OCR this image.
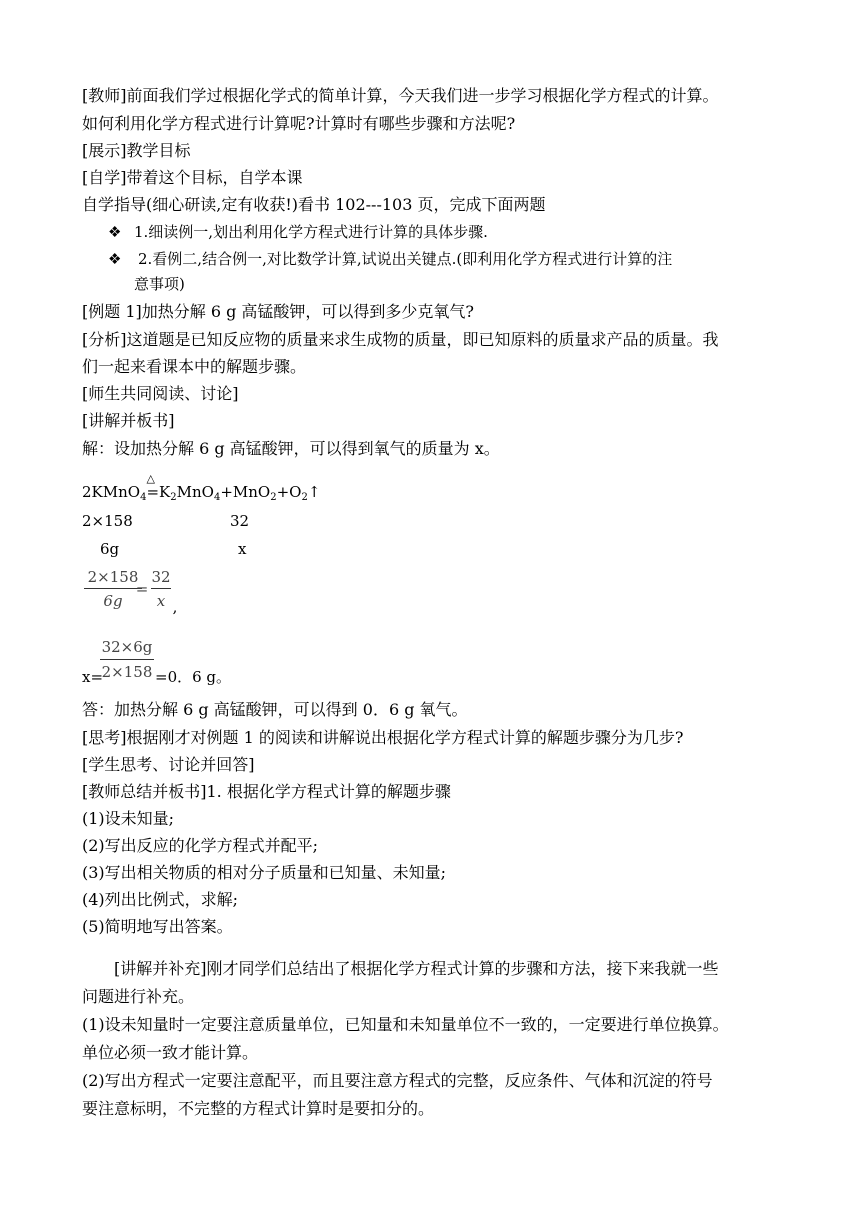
[教师]前面我们学过根据化学式的简单计算，今天我们进一步学习根据化学方程式的计算。
如何利用化学方程式进行计算呢?计算时有哪些步骤和方法呢?
[展示]教学目标
[自学]带着这个目标，自学本课
自学指导(细心研读,定有收获!)看书 102---103 页，完成下面两题
❖ 1.细读例一,划出利用化学方程式进行计算的具体步骤.
❖ 2.看例二,结合例一,对比数学计算,试说出关键点.(即利用化学方程式进行计算的注
意事项)
[例题 1]加热分解 6 g 高锰酸钾，可以得到多少克氧气?
[分析]这道题是已知反应物的质量来求生成物的质量，即已知原料的质量求产品的质量。我
们一起来看课本中的解题步骤。
[师生共同阅读、讨论]
[讲解并板书]
解：设加热分解 6 g 高锰酸钾，可以得到氧气的质量为 x。
2KMnO$_4$
△
$=K_2MnO_4+MnO_2+O_2↑$
2×158	32
6g	x
2×158
6g
=
32
x ,
32×6g
x=
2×158 =0．6 g。
答：加热分解 6 g 高锰酸钾，可以得到 0．6 g 氧气。
[思考]根据刚才对例题 1 的阅读和讲解说出根据化学方程式计算的解题步骤分为几步?
[学生思考、讨论并回答]
[教师总结并板书]1. 根据化学方程式计算的解题步骤
(1)设未知量;
(2)写出反应的化学方程式并配平;
(3)写出相关物质的相对分子质量和已知量、未知量;
(4)列出比例式，求解;
(5)简明地写出答案。
[讲解并补充]刚才同学们总结出了根据化学方程式计算的步骤和方法，接下来我就一些
问题进行补充。
(1)设未知量时一定要注意质量单位，已知量和未知量单位不一致的，一定要进行单位换算。
单位必须一致才能计算。
(2)写出方程式一定要注意配平，而且要注意方程式的完整，反应条件、气体和沉淀的符号
要注意标明，不完整的方程式计算时是要扣分的。
